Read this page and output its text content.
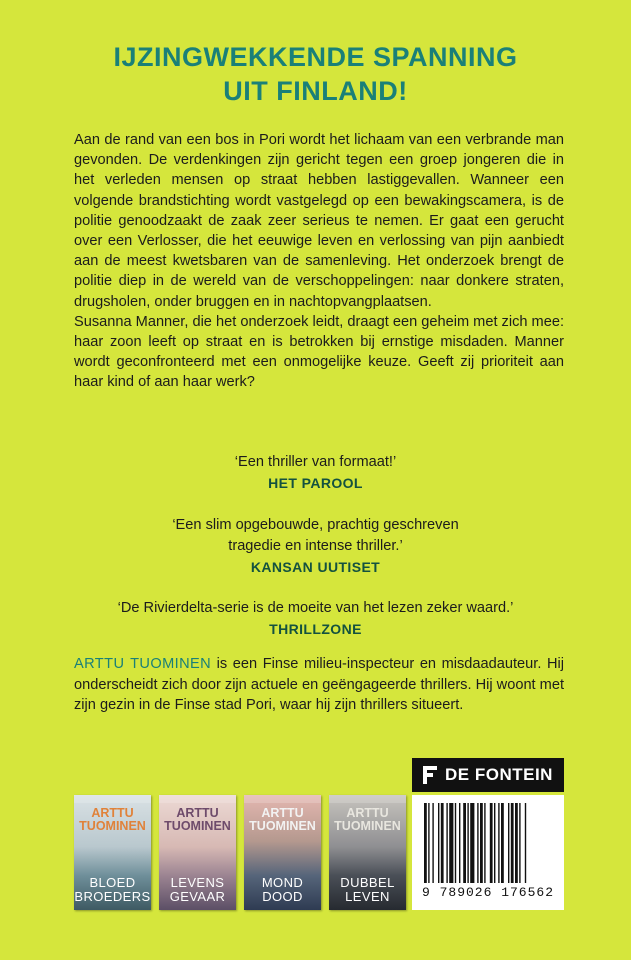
IJZINGWEKKENDE SPANNING
UIT FINLAND!

Aan de rand van een bos in Pori wordt het lichaam van een verbrande man gevonden. De verdenkingen zijn gericht tegen een groep jongeren die in het verleden mensen op straat hebben lastiggevallen. Wanneer een volgende brandstichting wordt vastgelegd op een bewakingscamera, is de politie genoodzaakt de zaak zeer serieus te nemen. Er gaat een gerucht over een Verlosser, die het eeuwige leven en verlossing van pijn aanbiedt aan de meest kwetsbaren van de samenleving. Het onderzoek brengt de politie diep in de wereld van de verschoppelingen: naar donkere straten, drugsholen, onder bruggen en in nachtopvangplaatsen.

Susanna Manner, die het onderzoek leidt, draagt een geheim met zich mee: haar zoon leeft op straat en is betrokken bij ernstige misdaden. Manner wordt geconfronteerd met een onmogelijke keuze. Geeft zij prioriteit aan haar kind of aan haar werk?

‘Een thriller van formaat!’
HET PAROOL
‘Een slim opgebouwde, prachtig geschreven
tragedie en intense thriller.’
KANSAN UUTISET
‘De Rivierdelta-serie is de moeite van het lezen zeker waard.’
THRILLZONE
ARTTU TUOMINEN is een Finse milieu-inspecteur en misdaadauteur. Hij onderscheidt zich door zijn actuele en geëngageerde thrillers. Hij woont met zijn gezin in de Finse stad Pori, waar hij zijn thrillers situeert.
ARTTU
TUOMINEN
BLOED
BROEDERS
ARTTU
TUOMINEN
LEVENS
GEVAAR
ARTTU
TUOMINEN
MOND
DOOD
ARTTU
TUOMINEN
DUBBEL
LEVEN
DE FONTEIN
9 789026 176562
